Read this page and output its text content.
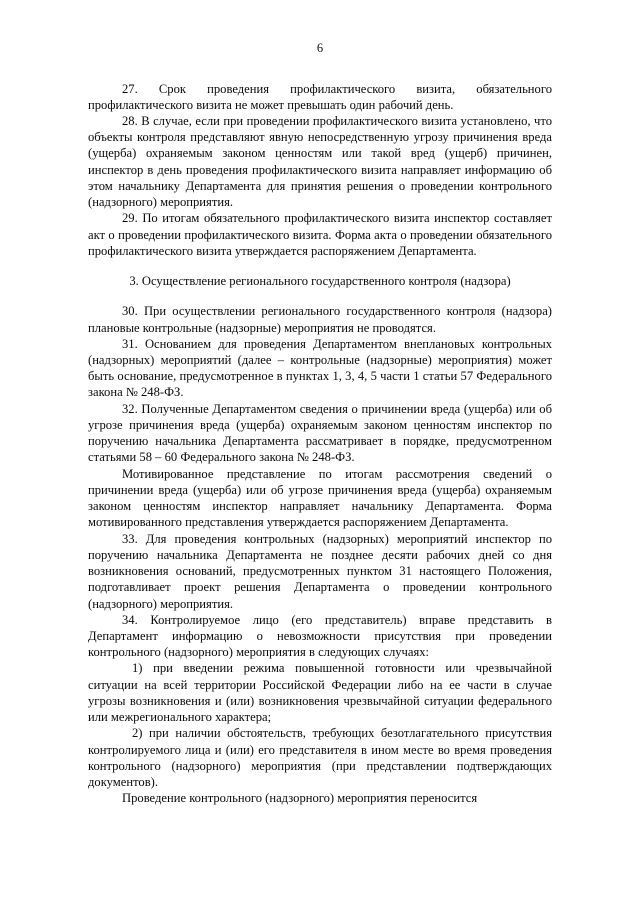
6

27. Срок проведения профилактического визита, обязательного профилактического визита не может превышать один рабочий день.

28. В случае, если при проведении профилактического визита установлено, что объекты контроля представляют явную непосредственную угрозу причинения вреда (ущерба) охраняемым законом ценностям или такой вред (ущерб) причинен, инспектор в день проведения профилактического визита направляет информацию об этом начальнику Департамента для принятия решения о проведении контрольного (надзорного) мероприятия.

29. По итогам обязательного профилактического визита инспектор составляет акт о проведении профилактического визита. Форма акта о проведении обязательного профилактического визита утверждается распоряжением Департамента.

3. Осуществление регионального государственного контроля (надзора)

30. При осуществлении регионального государственного контроля (надзора) плановые контрольные (надзорные) мероприятия не проводятся.

31. Основанием для проведения Департаментом внеплановых контрольных (надзорных) мероприятий (далее – контрольные (надзорные) мероприятия) может быть основание, предусмотренное в пунктах 1, 3, 4, 5 части 1 статьи 57 Федерального закона № 248-ФЗ.

32. Полученные Департаментом сведения о причинении вреда (ущерба) или об угрозе причинения вреда (ущерба) охраняемым законом ценностям инспектор по поручению начальника Департамента рассматривает в порядке, предусмотренном статьями 58 – 60 Федерального закона № 248-ФЗ.

Мотивированное представление по итогам рассмотрения сведений о причинении вреда (ущерба) или об угрозе причинения вреда (ущерба) охраняемым законом ценностям инспектор направляет начальнику Департамента. Форма мотивированного представления утверждается распоряжением Департамента.

33. Для проведения контрольных (надзорных) мероприятий инспектор по поручению начальника Департамента не позднее десяти рабочих дней со дня возникновения оснований, предусмотренных пунктом 31 настоящего Положения, подготавливает проект решения Департамента о проведении контрольного (надзорного) мероприятия.

34. Контролируемое лицо (его представитель) вправе представить в Департамент информацию о невозможности присутствия при проведении контрольного (надзорного) мероприятия в следующих случаях:

1) при введении режима повышенной готовности или чрезвычайной ситуации на всей территории Российской Федерации либо на ее части в случае угрозы возникновения и (или) возникновения чрезвычайной ситуации федерального или межрегионального характера;

2) при наличии обстоятельств, требующих безотлагательного присутствия контролируемого лица и (или) его представителя в ином месте во время проведения контрольного (надзорного) мероприятия (при представлении подтверждающих документов).

Проведение контрольного (надзорного) мероприятия переносится
